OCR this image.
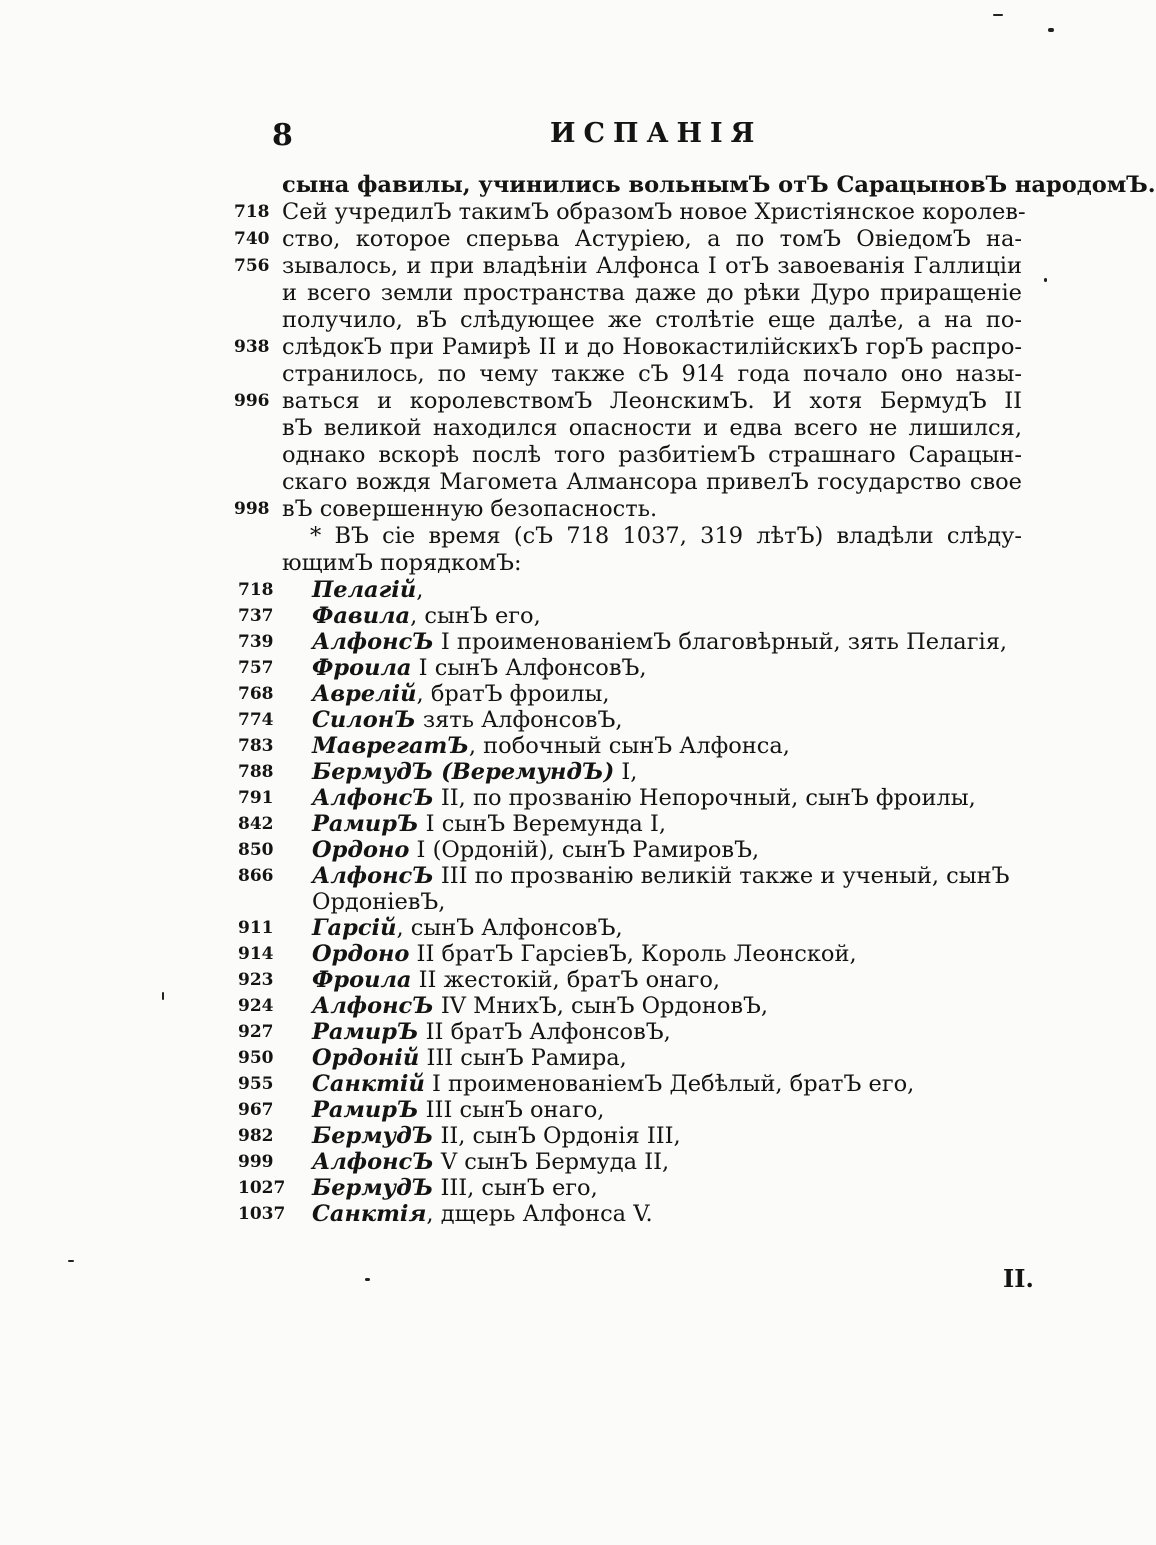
8	ИСПАНІЯ
сына фавилы, учинились вольнымЪ отЪ СарацыновЪ народомЪ.
Сей учредилЪ такимЪ образомЪ новое Христіянское королев-
ство, которое сперьва Астуріею, а по томЪ ОвіедомЪ на-
зывалось, и при владѣніи Алфонса I отЪ завоеванія Галлиціи
и всего земли пространства даже до рѣки Дуро приращеніе
получило, вЪ слѣдующее же столѣтіе еще далѣе, а на по-
слѣдокЪ при Рамирѣ II и до НовокастилійскихЪ горЪ распро-
странилось, по чему также сЪ 914 года почало оно назы-
ваться и королевствомЪ ЛеонскимЪ. И хотя БермудЪ II
вЪ великой находился опасности и едва всего не лишился,
однако вскорѣ послѣ того разбитіемЪ страшнаго Сарацын-
скаго вождя Магомета Алмансора привелЪ государство свое
вЪ совершенную безопасность.
718
740
756
938
996
998
* ВЪ сіе время (сЪ 718 1037, 319 лѣтЪ) владѣли слѣду-
ющимЪ порядкомЪ:
718	Пелагій,
737	Фавила, сынЪ его,
739	АлфонсЪ I проименованіемЪ благовѣрный, зять Пелагія,
757	Фроила I сынЪ АлфонсовЪ,
768	Аврелій, братЪ фроилы,
774	СилонЪ зять АлфонсовЪ,
783	МаврегатЪ, побочный сынЪ Алфонса,
788	БермудЪ (ВеремундЪ) I,
791	АлфонсЪ II, по прозванію Непорочный, сынЪ фроилы,
842	РамирЪ I сынЪ Веремунда I,
850	Ордоно I (Ордоній), сынЪ РамировЪ,
866	АлфонсЪ III по прозванію великій также и ученый, сынЪ
ОрдоніевЪ,
911	Гарсій, сынЪ АлфонсовЪ,
914	Ордоно II братЪ ГарсіевЪ, Король Леонской,
923	Фроила II жестокій, братЪ онаго,
924	АлфонсЪ IV МнихЪ, сынЪ ОрдоновЪ,
927	РамирЪ II братЪ АлфонсовЪ,
950	Ордоній III сынЪ Рамира,
955	Санктій I проименованіемЪ Дебѣлый, братЪ его,
967	РамирЪ III сынЪ онаго,
982	БермудЪ II, сынЪ Ордонія III,
999	АлфонсЪ V сынЪ Бермуда II,
1027	БермудЪ III, сынЪ его,
1037	Санктія, дщерь Алфонса V.
II.
